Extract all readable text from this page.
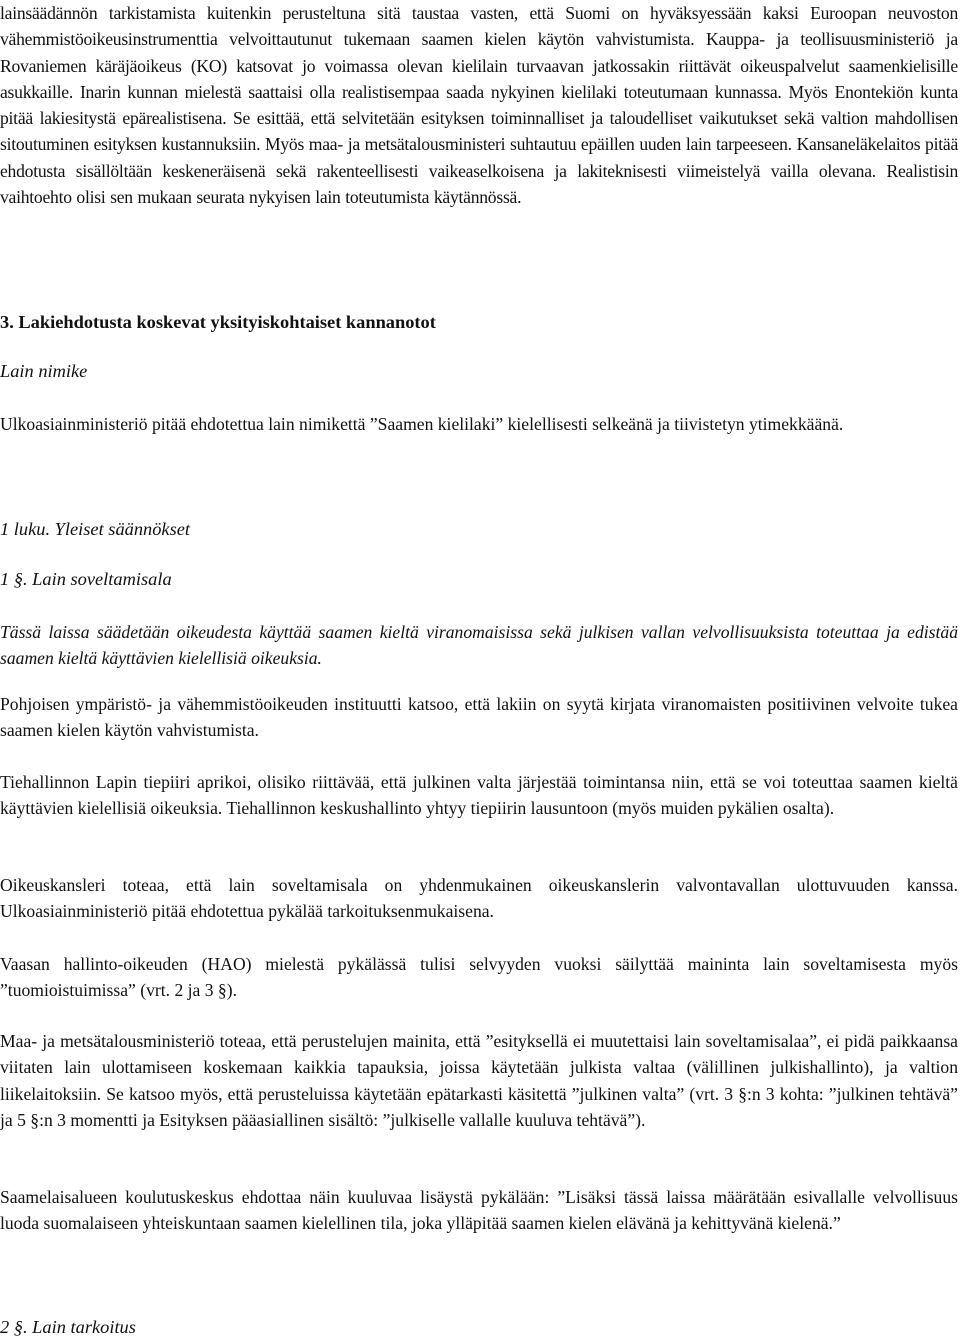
lainsäädännön tarkistamista kuitenkin perusteltuna sitä taustaa vasten, että Suomi on hyväksyessään kaksi Euroopan neuvoston vähemmistöoikeusinstrumenttia velvoittautunut tukemaan saamen kielen käytön vahvistumista. Kauppa- ja teollisuusministeriö ja Rovaniemen käräjäoikeus (KO) katsovat jo voimassa olevan kielilain turvaavan jatkossakin riittävät oikeuspalvelut saamenkielisille asukkaille. Inarin kunnan mielestä saattaisi olla realistisempaa saada nykyinen kielilaki toteutumaan kunnassa. Myös Enontekiön kunta pitää lakiesitystä epärealistisena. Se esittää, että selvitetään esityksen toiminnalliset ja taloudelliset vaikutukset sekä valtion mahdollisen sitoutuminen esityksen kustannuksiin. Myös maa- ja metsätalousministeri suhtautuu epäillen uuden lain tarpeeseen. Kansaneläkelaitos pitää ehdotusta sisällöltään keskeneräisenä sekä rakenteellisesti vaikeaselkoisena ja lakiteknisesti viimeistelyä vailla olevana. Realistisin vaihtoehto olisi sen mukaan seurata nykyisen lain toteutumista käytännössä.

3. Lakiehdotusta koskevat yksityiskohtaiset kannanotot

Lain nimike

Ulkoasiainministeriö pitää ehdotettua lain nimikettä ”Saamen kielilaki” kielellisesti selkeänä ja tiivistetyn ytimekkäänä.

1 luku. Yleiset säännökset

1 §. Lain soveltamisala

Tässä laissa säädetään oikeudesta käyttää saamen kieltä viranomaisissa sekä julkisen vallan velvollisuuksista toteuttaa ja edistää saamen kieltä käyttävien kielellisiä oikeuksia.

Pohjoisen ympäristö- ja vähemmistöoikeuden instituutti katsoo, että lakiin on syytä kirjata viranomaisten positiivinen velvoite tukea saamen kielen käytön vahvistumista.

Tiehallinnon Lapin tiepiiri aprikoi, olisiko riittävää, että julkinen valta järjestää toimintansa niin, että se voi toteuttaa saamen kieltä käyttävien kielellisiä oikeuksia. Tiehallinnon keskushallinto yhtyy tiepiirin lausuntoon (myös muiden pykälien osalta).

Oikeuskansleri toteaa, että lain soveltamisala on yhdenmukainen oikeuskanslerin valvontavallan ulottuvuuden kanssa. Ulkoasiainministeriö pitää ehdotettua pykälää tarkoituksenmukaisena.

Vaasan hallinto-oikeuden (HAO) mielestä pykälässä tulisi selvyyden vuoksi säilyttää maininta lain soveltamisesta myös ”tuomioistuimissa” (vrt. 2 ja 3 §).

Maa- ja metsätalousministeriö toteaa, että perustelujen mainita, että ”esityksellä ei muutettaisi lain soveltamisalaa”, ei pidä paikkaansa viitaten lain ulottamiseen koskemaan kaikkia tapauksia, joissa käytetään julkista valtaa (välillinen julkishallinto), ja valtion liikelaitoksiin. Se katsoo myös, että perusteluissa käytetään epätarkasti käsitettä ”julkinen valta” (vrt. 3 §:n 3 kohta: ”julkinen tehtävä” ja 5 §:n 3 momentti ja Esityksen pääasiallinen sisältö: ”julkiselle vallalle kuuluva tehtävä”).

Saamelaisalueen koulutuskeskus ehdottaa näin kuuluvaa lisäystä pykälään: ”Lisäksi tässä laissa määrätään esivallalle velvollisuus luoda suomalaiseen yhteiskuntaan saamen kielellinen tila, joka ylläpitää saamen kielen elävänä ja kehittyvänä kielenä.”

2 §. Lain tarkoitus
